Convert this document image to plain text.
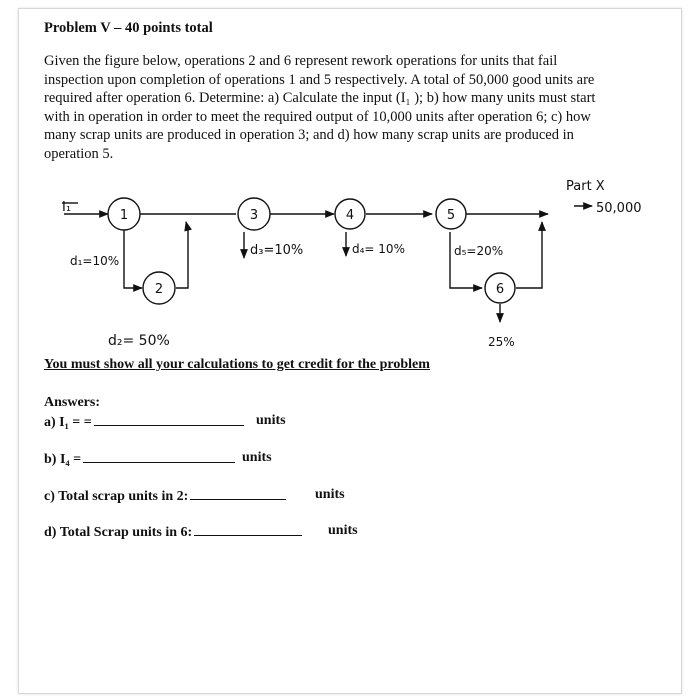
Problem V – 40 points total
Given the figure below, operations 2 and 6 represent rework operations for units that fail
inspection upon completion of operations 1 and 5 respectively. A total of 50,000 good units are
required after operation 6. Determine: a) Calculate the input (I₁ ); b) how many units must start
with in operation in order to meet the required output of 10,000 units after operation 6; c) how
many scrap units are produced in operation 3; and d) how many scrap units are produced in
operation 5.
1
2
3	4	5
6
I₁
d₁=10%
d₂= 50%
d₃=10%	d₄= 10%	d₅=20%
25%
Part X
50,000
You must show all your calculations to get credit for the problem
Answers:
a) I₁ = =	units
b) I₄ =	units
c) Total scrap units in 2:	units
d) Total Scrap units in 6:	units
